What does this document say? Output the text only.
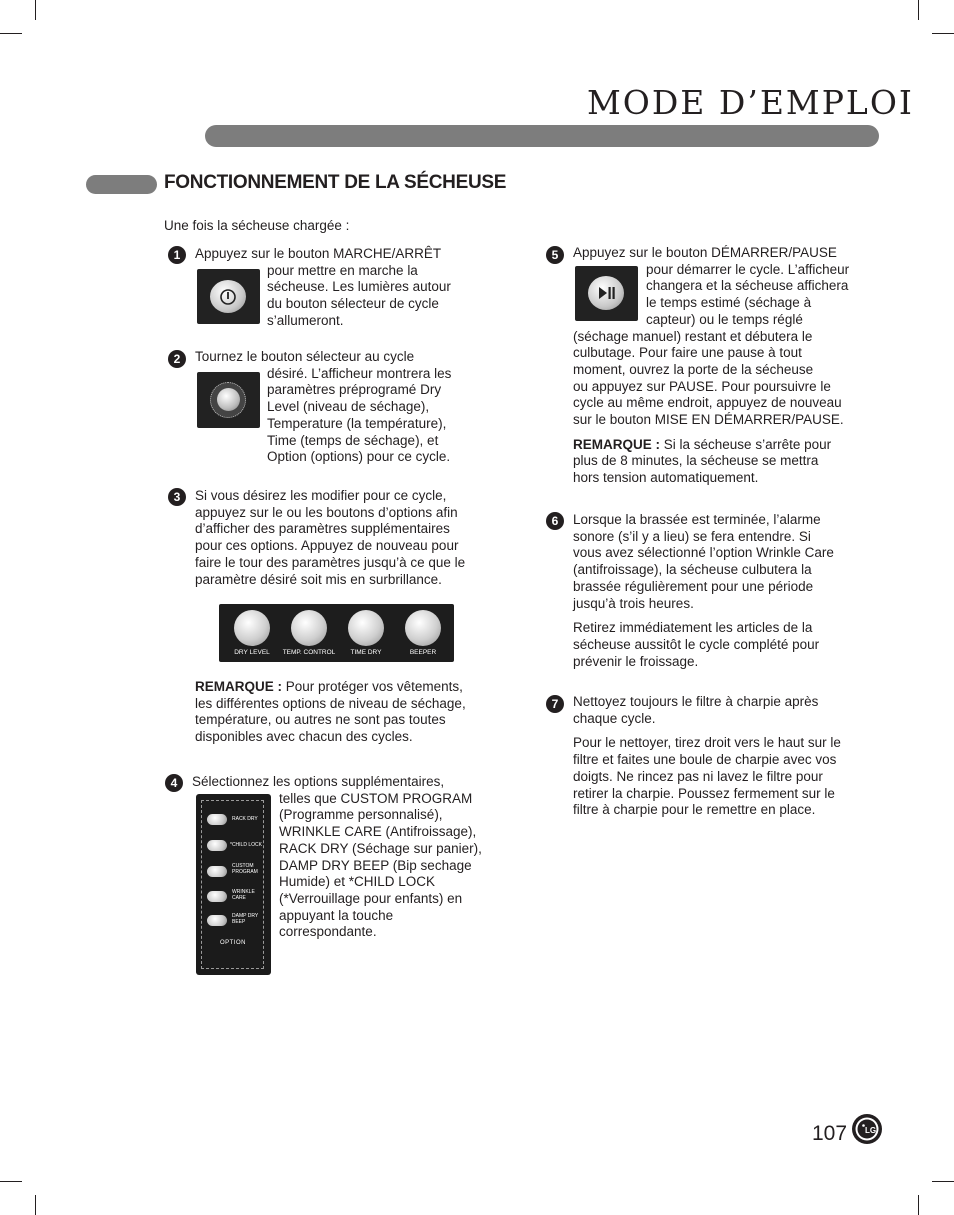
MODE D’EMPLOI
FONCTIONNEMENT DE LA SÉCHEUSE

Une fois la sécheuse chargée :

1	Appuyez sur le bouton MARCHE/ARRÊT
pour mettre en marche la
sécheuse. Les lumières autour
du bouton sélecteur de cycle
s’allumeront.
2	Tournez le bouton sélecteur au cycle
désiré. L’afficheur montrera les
paramètres préprogramé Dry
Level (niveau de séchage),
Temperature (la température),
Time (temps de séchage), et
Option (options) pour ce cycle.
3	Si vous désirez les modifier pour ce cycle,
appuyez sur le ou les boutons d’options afin
d’afficher des paramètres supplémentaires
pour ces options. Appuyez de nouveau pour
faire le tour des paramètres jusqu’à ce que le
paramètre désiré soit mis en surbrillance.
DRY LEVEL	TEMP. CONTROL	TIME DRY	BEEPER
REMARQUE : Pour protéger vos vêtements,
les différentes options de niveau de séchage,
température, ou autres ne sont pas toutes
disponibles avec chacun des cycles.
4	Sélectionnez les options supplémentaires,
telles que CUSTOM PROGRAM
(Programme personnalisé),
WRINKLE CARE (Antifroissage),
RACK DRY (Séchage sur panier),
DAMP DRY BEEP (Bip sechage
Humide) et *CHILD LOCK
(*Verrouillage pour enfants) en
appuyant la touche
correspondante.
RACK DRY
*CHILD LOCK
CUSTOM PROGRAM
WRINKLE CARE
DAMP DRY BEEP
OPTION
5	Appuyez sur le bouton DÉMARRER/PAUSE
pour démarrer le cycle. L’afficheur
changera et la sécheuse affichera
le temps estimé (séchage à
capteur) ou le temps réglé
(séchage manuel) restant et débutera le
culbutage. Pour faire une pause à tout
moment, ouvrez la porte de la sécheuse
ou appuyez sur PAUSE. Pour poursuivre le
cycle au même endroit, appuyez de nouveau
sur le bouton MISE EN DÉMARRER/PAUSE.
REMARQUE : Si la sécheuse s’arrête pour
plus de 8 minutes, la sécheuse se mettra
hors tension automatiquement.
6	Lorsque la brassée est terminée, l’alarme
sonore (s’il y a lieu) se fera entendre. Si
vous avez sélectionné l’option Wrinkle Care
(antifroissage), la sécheuse culbutera la
brassée régulièrement pour une période
jusqu’à trois heures.
Retirez immédiatement les articles de la
sécheuse aussitôt le cycle complété pour
prévenir le froissage.
7	Nettoyez toujours le filtre à charpie après
chaque cycle.
Pour le nettoyer, tirez droit vers le haut sur le
filtre et faites une boule de charpie avec vos
doigts. Ne rincez pas ni lavez le filtre pour
retirer la charpie. Poussez fermement sur le
filtre à charpie pour le remettre en place.
107 LG
